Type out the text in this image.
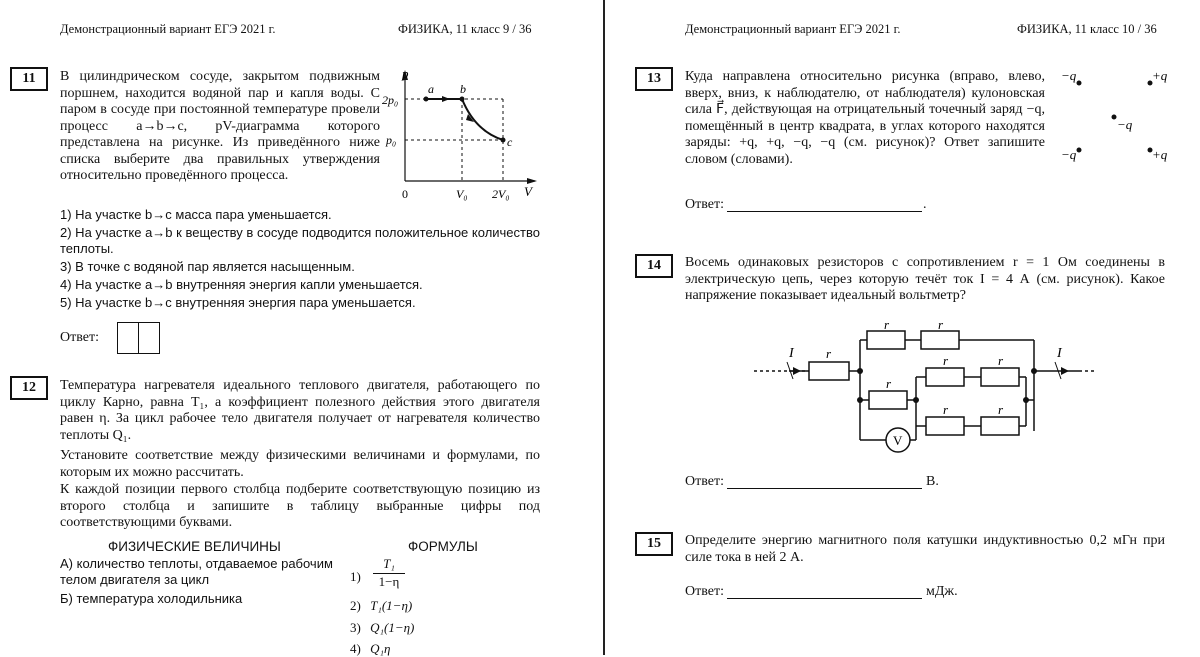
Демонстрационный вариант ЕГЭ 2021 г.	ФИЗИКА, 11 класс 9 / 36
11	В цилиндрическом сосуде, закрытом подвижным поршнем, находится водяной пар и капля воды. С паром в сосуде при постоянной температуре провели процесс a→b→c, pV-диаграмма которого представлена на рисунке. Из приведённого ниже списка выберите два правильных утверждения относительно проведённого процесса.
p
V
0
2p₀
p₀
V₀ 2V₀
a b
c
1) На участке b→c масса пара уменьшается.
2) На участке a→b к веществу в сосуде подводится положительное количество теплоты.
3) В точке c водяной пар является насыщенным.
4) На участке a→b внутренняя энергия капли уменьшается.
5) На участке b→c внутренняя энергия пара уменьшается.
Ответ:
12	Температура нагревателя идеального теплового двигателя, работающего по циклу Карно, равна T₁, а коэффициент полезного действия этого двигателя равен η. За цикл рабочее тело двигателя получает от нагревателя количество теплоты Q₁.
Установите соответствие между физическими величинами и формулами, по которым их можно рассчитать.
К каждой позиции первого столбца подберите соответствующую позицию из второго столбца и запишите в таблицу выбранные цифры под соответствующими буквами.
ФИЗИЧЕСКИЕ ВЕЛИЧИНЫ	ФОРМУЛЫ
А) количество теплоты, отдаваемое рабочим телом двигателя за цикл
Б) температура холодильника
$1) \frac{\text{T₁}}{1-\eta}$
2) T₁(1−η)
3) Q₁(1−η)
4) Q₁η
Демонстрационный вариант ЕГЭ 2021 г.	ФИЗИКА, 11 класс 10 / 36
13	Куда направлена относительно рисунка (вправо, влево, вверх, вниз, к наблюдателю, от наблюдателя) кулоновская сила F⃗, действующая на отрицательный точечный заряд −q, помещённый в центр квадрата, в углах которого находятся заряды: +q, +q, −q, −q (см. рисунок)? Ответ запишите словом (словами).
−q	+q
−q
−q	+q
Ответ:	.
14	Восемь одинаковых резисторов с сопротивлением r = 1 Ом соединены в электрическую цепь, через которую течёт ток I = 4 А (см. рисунок). Какое напряжение показывает идеальный вольтметр?
I	I
r
r	r
r
r	r
r	r
V
Ответ:	В.
15	Определите энергию магнитного поля катушки индуктивностью 0,2 мГн при силе тока в ней 2 А.
Ответ:	мДж.
